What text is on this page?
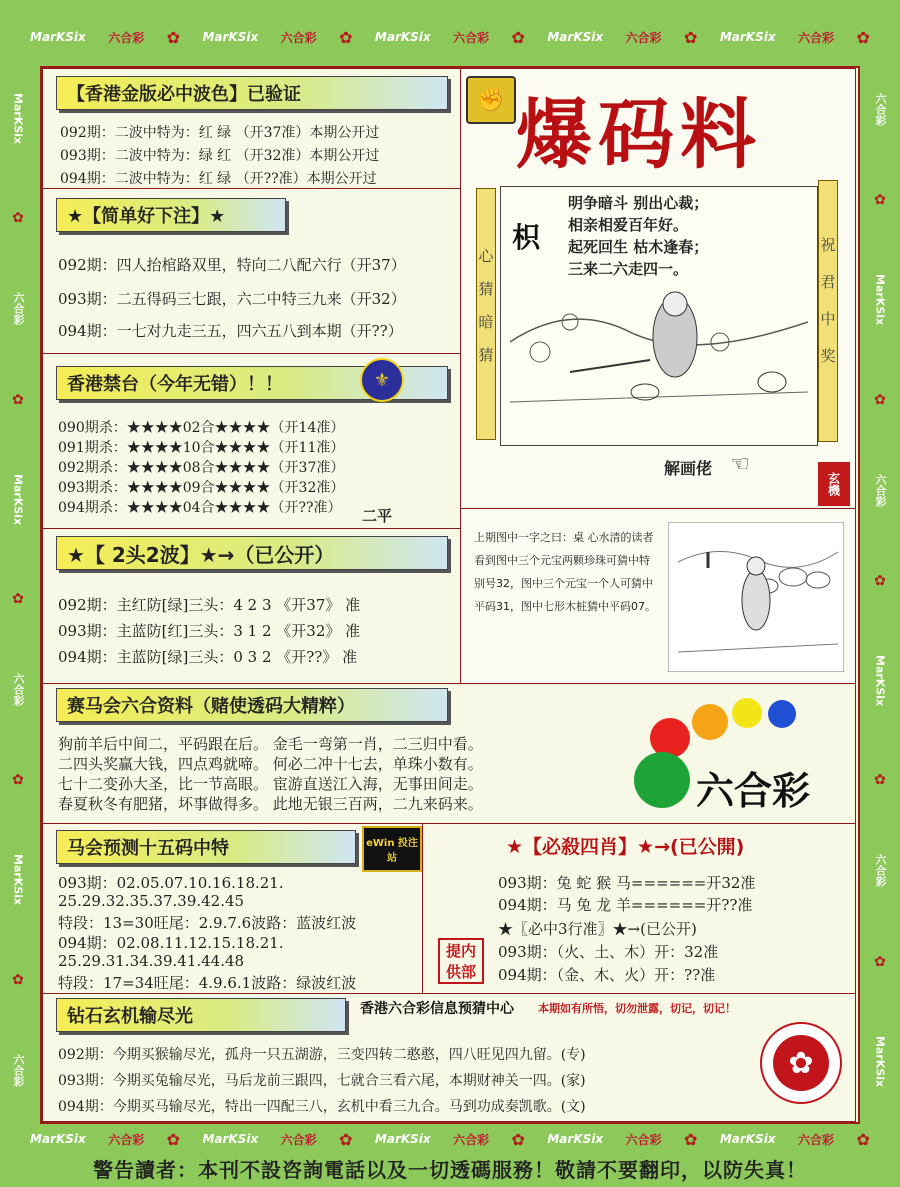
MarKSix 六合彩 ✿ MarKSix 六合彩 ✿ MarKSix 六合彩 ✿ MarKSix 六合彩 ✿ MarKSix 六合彩 ✿
MarKSix 六合彩 ✿ MarKSix 六合彩 ✿ MarKSix 六合彩 ✿ MarKSix 六合彩 ✿ MarKSix 六合彩 ✿
MarKSix
✿
六合彩
✿
MarKSix
✿
六合彩
✿
MarKSix
✿
六合彩
六合彩
✿
MarKSix
✿
六合彩
✿
MarKSix
✿
六合彩
✿
MarKSix
【香港金版必中波色】已验证
092期：二波中特为：红 绿 （开37准）本期公开过
093期：二波中特为：绿 红 （开32准）本期公开过
094期：二波中特为：红 绿 （开??准）本期公开过
★【简单好下注】★
092期：四人抬棺路双里，特向二八配六行（开37）
093期：二五得码三七跟，六二中特三九来（开32）
094期：一七对九走三五，四六五八到本期（开??）
香港禁台（今年无错）！！	⚜
090期杀：★★★★02合★★★★（开14准）
091期杀：★★★★10合★★★★（开11准）
092期杀：★★★★08合★★★★（开37准）
093期杀：★★★★09合★★★★（开32准）
094期杀：★★★★04合★★★★（开??准） 二平
★【 2头2波】★→（已公开）
092期：主红防[绿]三头：4 2 3 《开37》 准
093期：主蓝防[红]三头：3 1 2 《开32》 准
094期：主蓝防[绿]三头：0 3 2 《开??》 准
✊ 爆码料
心猜暗猜	祝君中奖
枳
明争暗斗 别出心裁；
相亲相爱百年好。
起死回生 枯木逢春；
三来二六走四一。
解画佬 ☜
玄機
上期图中一字之曰：桌 心水清的读者看到图中三个元宝两颗珍珠可猜中特别号32，图中三个元宝一个人可猜中平码31，图中七形木桩猜中平码07。
赛马会六合资料（赌使透码大精粹）
狗前羊后中间二，平码跟在后。 金毛一弯第一肖，二三归中看。
二四头奖赢大钱，四点鸡就啼。 何必二冲十七去，单珠小数有。
七十二变孙大圣，比一节高眼。 宦游直送江入海，无事田间走。
春夏秋冬有肥猪，坏事做得多。 此地无银三百两，二九来码来。	六合彩
马会预测十五码中特	eWin 投注站
093期：02.05.07.10.16.18.21.
25.29.32.35.37.39.42.45
特段：13=30旺尾：2.9.7.6波路：蓝波红波
094期：02.08.11.12.15.18.21.
25.29.31.34.39.41.44.48
特段：17=34旺尾：4.9.6.1波路：绿波红波
★【必殺四肖】★→(已公開)
093期：兔 蛇 猴 马======开32准
094期：马 兔 龙 羊======开??准
★〖必中3行准〗★→(已公开)
093期：（火、土、木）开：32准
094期：（金、木、火）开：??准
提内供部
钻石玄机输尽光	香港六合彩信息预猜中心 本期如有所悟，切勿泄露，切记，切记！
092期：今期买猴输尽光，孤舟一只五湖游，三变四转二憨憨，四八旺见四九留。(专)
093期：今期买兔输尽光，马后龙前三跟四，七就合三看六尾，本期财神关一四。(家)
094期：今期买马输尽光，特出一四配三八，玄机中看三九合。马到功成奏凯歌。(文)
✿
警告讀者：本刊不設咨詢電話以及一切透碼服務！敬請不要翻印，以防失真！
